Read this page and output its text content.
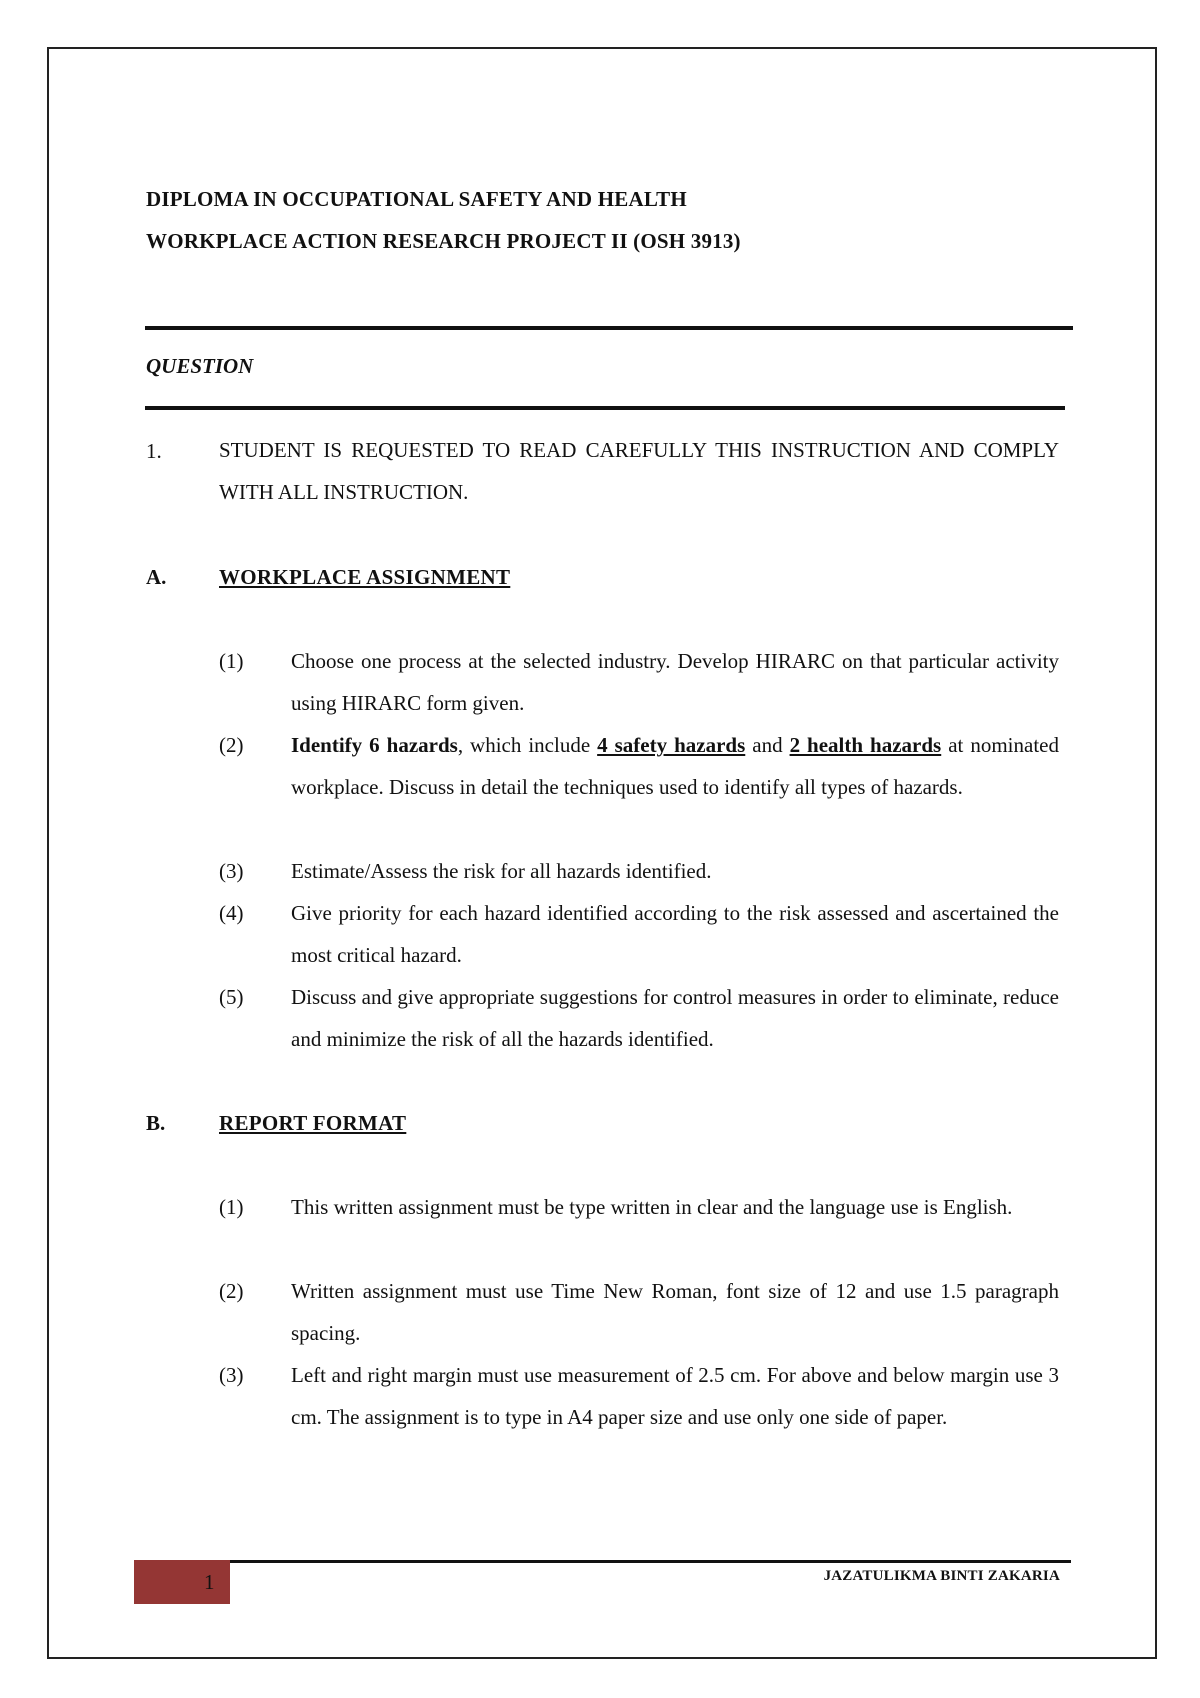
DIPLOMA IN OCCUPATIONAL SAFETY AND HEALTH
WORKPLACE ACTION RESEARCH PROJECT II (OSH 3913)
QUESTION
1.	STUDENT IS REQUESTED TO READ CAREFULLY THIS INSTRUCTION AND COMPLY WITH ALL INSTRUCTION.
A.	WORKPLACE ASSIGNMENT
(1) Choose one process at the selected industry. Develop HIRARC on that particular activity using HIRARC form given.
(2) Identify 6 hazards, which include 4 safety hazards and 2 health hazards at nominated workplace. Discuss in detail the techniques used to identify all types of hazards.
(3) Estimate/Assess the risk for all hazards identified.
(4) Give priority for each hazard identified according to the risk assessed and ascertained the most critical hazard.
(5) Discuss and give appropriate suggestions for control measures in order to eliminate, reduce and minimize the risk of all the hazards identified.
B.	REPORT FORMAT
(1) This written assignment must be type written in clear and the language use is English.
(2) Written assignment must use Time New Roman, font size of 12 and use 1.5 paragraph spacing.
(3) Left and right margin must use measurement of 2.5 cm. For above and below margin use 3 cm. The assignment is to type in A4 paper size and use only one side of paper.
1	JAZATULIKMA BINTI ZAKARIA
